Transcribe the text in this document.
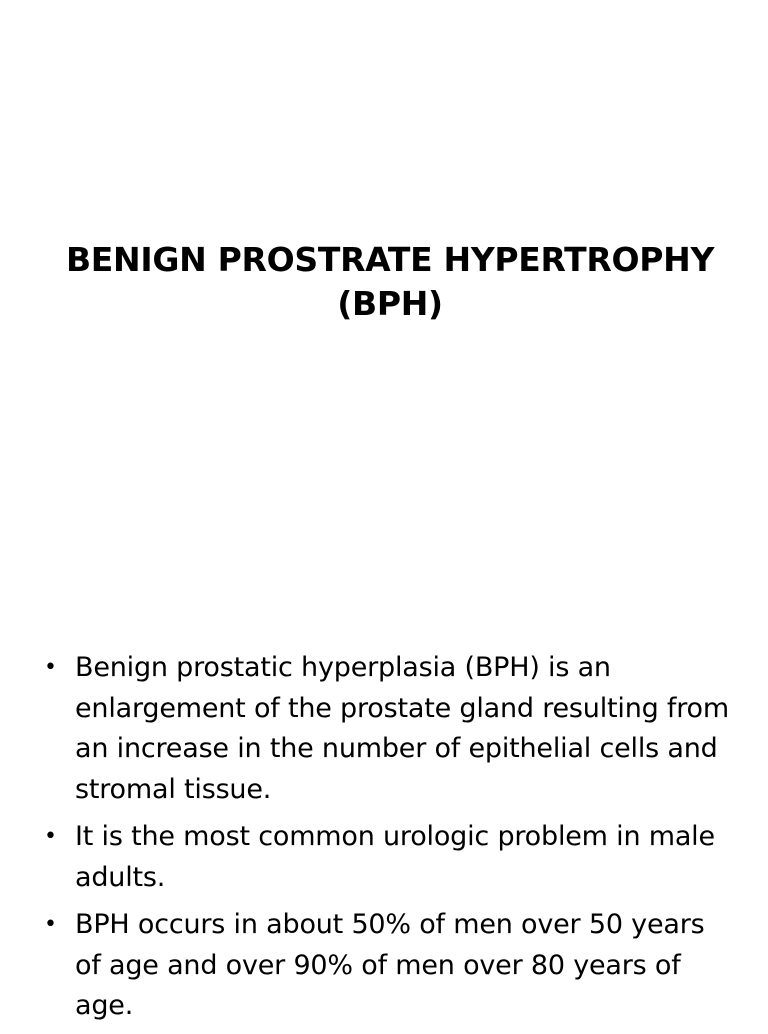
BENIGN PROSTRATE HYPERTROPHY
(BPH)
• Benign prostatic hyperplasia (BPH) is an enlargement of the prostate gland resulting from an increase in the number of epithelial cells and stromal tissue.
• It is the most common urologic problem in male adults.
• BPH occurs in about 50% of men over 50 years of age and over 90% of men over 80 years of age.
